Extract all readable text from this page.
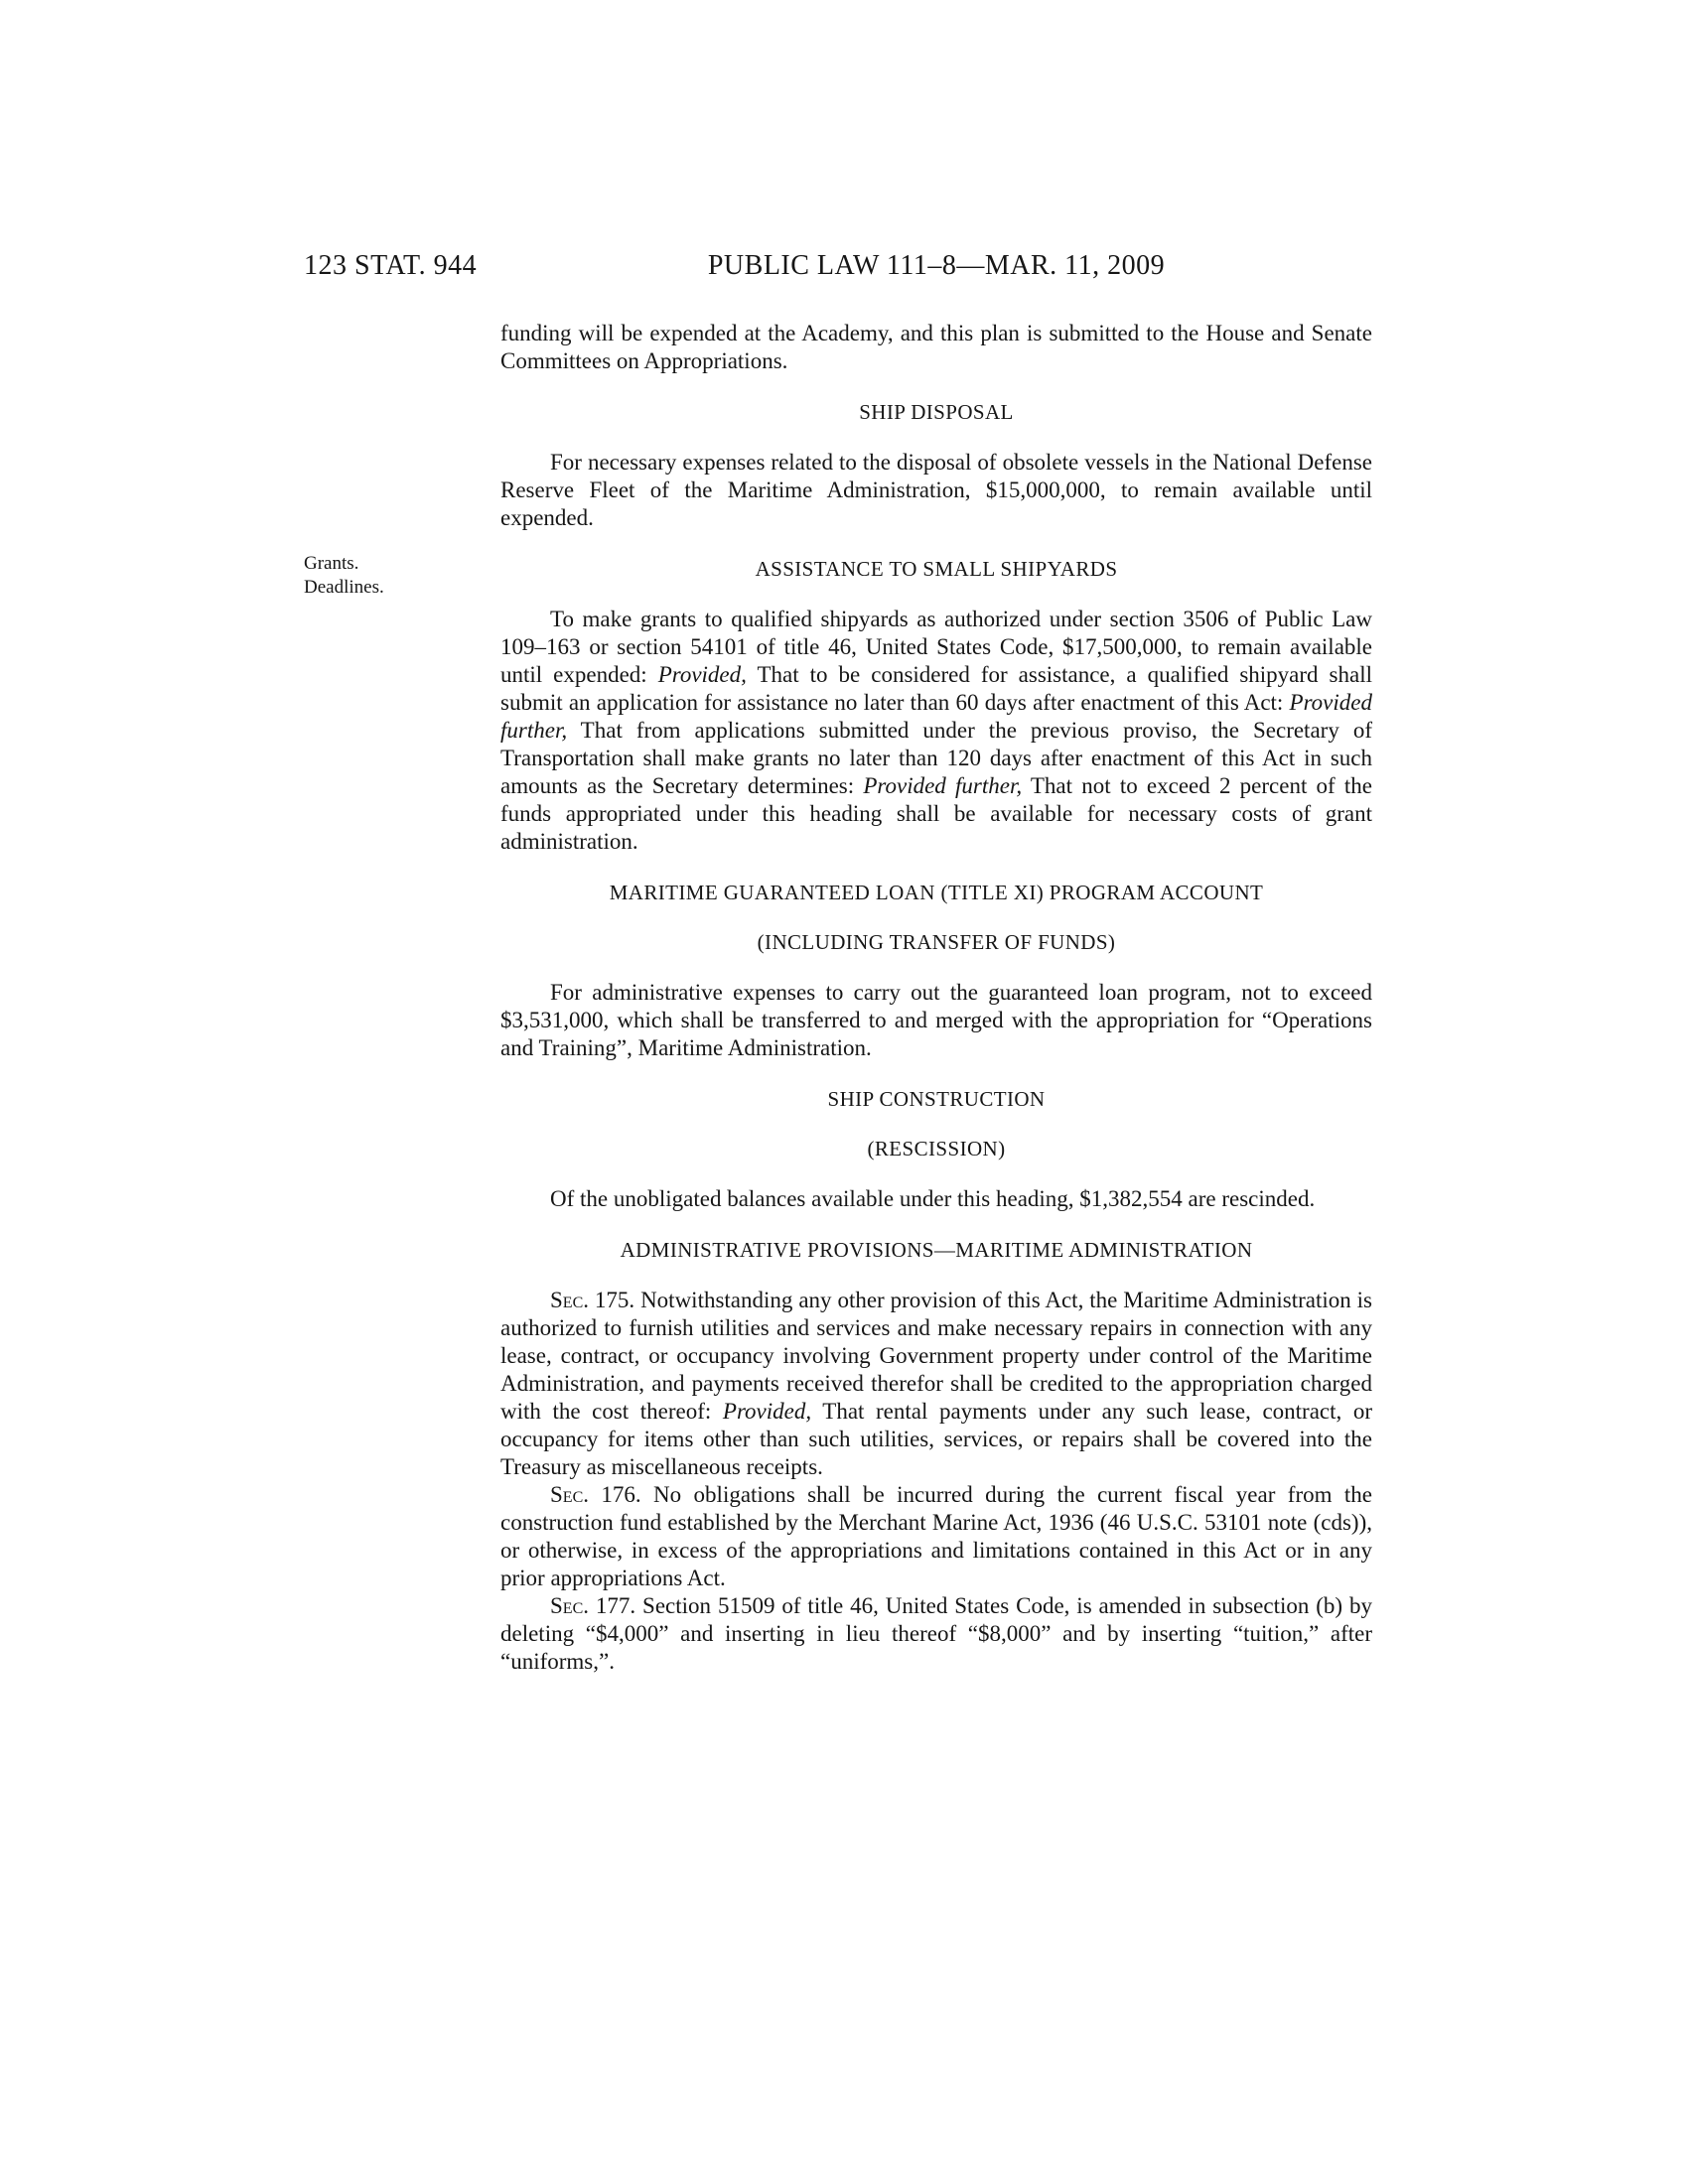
123 STAT. 944	PUBLIC LAW 111–8—MAR. 11, 2009
Grants.
Deadlines.

funding will be expended at the Academy, and this plan is submitted to the House and Senate Committees on Appropriations.

SHIP DISPOSAL

For necessary expenses related to the disposal of obsolete vessels in the National Defense Reserve Fleet of the Maritime Administration, $15,000,000, to remain available until expended.

ASSISTANCE TO SMALL SHIPYARDS

To make grants to qualified shipyards as authorized under section 3506 of Public Law 109–163 or section 54101 of title 46, United States Code, $17,500,000, to remain available until expended: Provided, That to be considered for assistance, a qualified shipyard shall submit an application for assistance no later than 60 days after enactment of this Act: Provided further, That from applications submitted under the previous proviso, the Secretary of Transportation shall make grants no later than 120 days after enactment of this Act in such amounts as the Secretary determines: Provided further, That not to exceed 2 percent of the funds appropriated under this heading shall be available for necessary costs of grant administration.

MARITIME GUARANTEED LOAN (TITLE XI) PROGRAM ACCOUNT
(INCLUDING TRANSFER OF FUNDS)

For administrative expenses to carry out the guaranteed loan program, not to exceed $3,531,000, which shall be transferred to and merged with the appropriation for “Operations and Training”, Maritime Administration.

SHIP CONSTRUCTION
(RESCISSION)

Of the unobligated balances available under this heading, $1,382,554 are rescinded.

ADMINISTRATIVE PROVISIONS—MARITIME ADMINISTRATION

Sec. 175. Notwithstanding any other provision of this Act, the Maritime Administration is authorized to furnish utilities and services and make necessary repairs in connection with any lease, contract, or occupancy involving Government property under control of the Maritime Administration, and payments received therefor shall be credited to the appropriation charged with the cost thereof: Provided, That rental payments under any such lease, contract, or occupancy for items other than such utilities, services, or repairs shall be covered into the Treasury as miscellaneous receipts.

Sec. 176. No obligations shall be incurred during the current fiscal year from the construction fund established by the Merchant Marine Act, 1936 (46 U.S.C. 53101 note (cds)), or otherwise, in excess of the appropriations and limitations contained in this Act or in any prior appropriations Act.

Sec. 177. Section 51509 of title 46, United States Code, is amended in subsection (b) by deleting “$4,000” and inserting in lieu thereof “$8,000” and by inserting “tuition,” after “uniforms,”.
